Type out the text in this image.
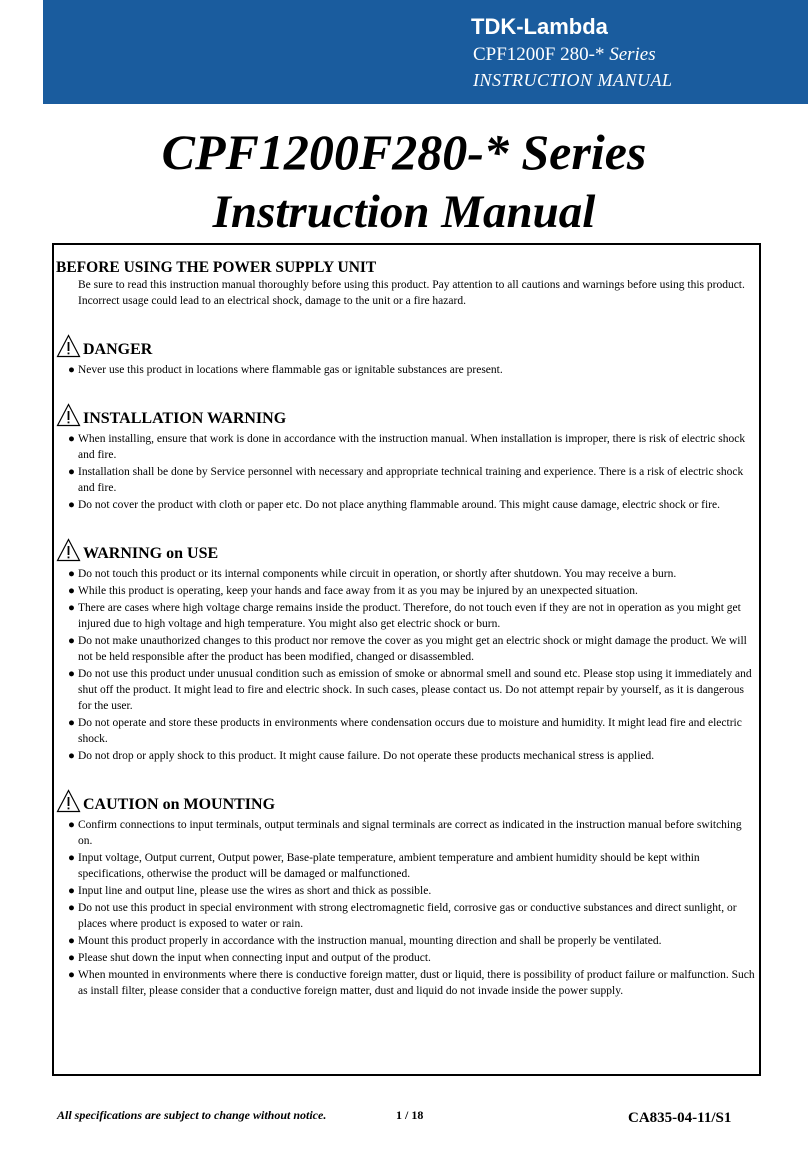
TDK-Lambda
CPF1200F 280-* Series
INSTRUCTION MANUAL
CPF1200F280-* Series
Instruction Manual

BEFORE USING THE POWER SUPPLY UNIT

Be sure to read this instruction manual thoroughly before using this product. Pay attention to all cautions and warnings before using this product. Incorrect usage could lead to an electrical shock, damage to the unit or a fire hazard.

DANGER
● Never use this product in locations where flammable gas or ignitable substances are present.
INSTALLATION WARNING
● When installing, ensure that work is done in accordance with the instruction manual. When installation is improper, there is risk of electric shock and fire.
● Installation shall be done by Service personnel with necessary and appropriate technical training and experience. There is a risk of electric shock and fire.
● Do not cover the product with cloth or paper etc. Do not place anything flammable around. This might cause damage, electric shock or fire.
WARNING on USE
● Do not touch this product or its internal components while circuit in operation, or shortly after shutdown. You may receive a burn.
● While this product is operating, keep your hands and face away from it as you may be injured by an unexpected situation.
● There are cases where high voltage charge remains inside the product. Therefore, do not touch even if they are not in operation as you might get injured due to high voltage and high temperature. You might also get electric shock or burn.
● Do not make unauthorized changes to this product nor remove the cover as you might get an electric shock or might damage the product. We will not be held responsible after the product has been modified, changed or disassembled.
● Do not use this product under unusual condition such as emission of smoke or abnormal smell and sound etc. Please stop using it immediately and shut off the product. It might lead to fire and electric shock. In such cases, please contact us. Do not attempt repair by yourself, as it is dangerous for the user.
● Do not operate and store these products in environments where condensation occurs due to moisture and humidity. It might lead fire and electric shock.
● Do not drop or apply shock to this product. It might cause failure. Do not operate these products mechanical stress is applied.
CAUTION on MOUNTING
● Confirm connections to input terminals, output terminals and signal terminals are correct as indicated in the instruction manual before switching on.
● Input voltage, Output current, Output power, Base-plate temperature, ambient temperature and ambient humidity should be kept within specifications, otherwise the product will be damaged or malfunctioned.
● Input line and output line, please use the wires as short and thick as possible.
● Do not use this product in special environment with strong electromagnetic field, corrosive gas or conductive substances and direct sunlight, or places where product is exposed to water or rain.
● Mount this product properly in accordance with the instruction manual, mounting direction and shall be properly be ventilated.
● Please shut down the input when connecting input and output of the product.
● When mounted in environments where there is conductive foreign matter, dust or liquid, there is possibility of product failure or malfunction. Such as install filter, please consider that a conductive foreign matter, dust and liquid do not invade inside the power supply.
All specifications are subject to change without notice.	1 / 18	CA835-04-11/S1
